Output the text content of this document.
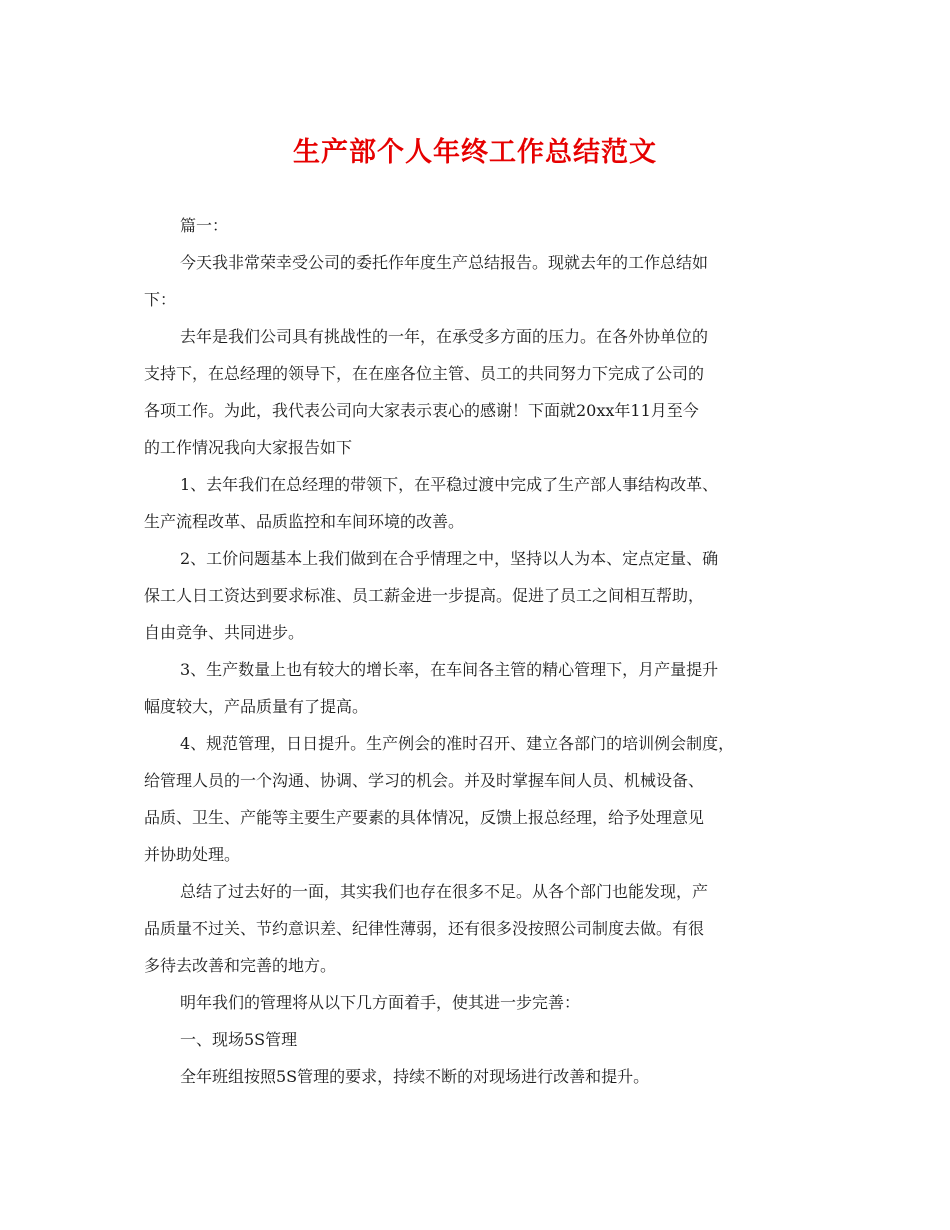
生产部个人年终工作总结范文
篇一：
今天我非常荣幸受公司的委托作年度生产总结报告。现就去年的工作总结如
下：
去年是我们公司具有挑战性的一年，在承受多方面的压力。在各外协单位的
支持下，在总经理的领导下，在在座各位主管、员工的共同努力下完成了公司的
各项工作。为此，我代表公司向大家表示衷心的感谢！下面就20xx年11月至今
的工作情况我向大家报告如下
1、去年我们在总经理的带领下，在平稳过渡中完成了生产部人事结构改革、
生产流程改革、品质监控和车间环境的改善。
2、工价问题基本上我们做到在合乎情理之中，坚持以人为本、定点定量、确
保工人日工资达到要求标准、员工薪金进一步提高。促进了员工之间相互帮助，
自由竞争、共同进步。
3、生产数量上也有较大的增长率，在车间各主管的精心管理下，月产量提升
幅度较大，产品质量有了提高。
4、规范管理，日日提升。生产例会的准时召开、建立各部门的培训例会制度，
给管理人员的一个沟通、协调、学习的机会。并及时掌握车间人员、机械设备、
品质、卫生、产能等主要生产要素的具体情况，反馈上报总经理，给予处理意见
并协助处理。
总结了过去好的一面，其实我们也存在很多不足。从各个部门也能发现，产
品质量不过关、节约意识差、纪律性薄弱，还有很多没按照公司制度去做。有很
多待去改善和完善的地方。
明年我们的管理将从以下几方面着手，使其进一步完善：
一、现场5S管理
全年班组按照5S管理的要求，持续不断的对现场进行改善和提升。
